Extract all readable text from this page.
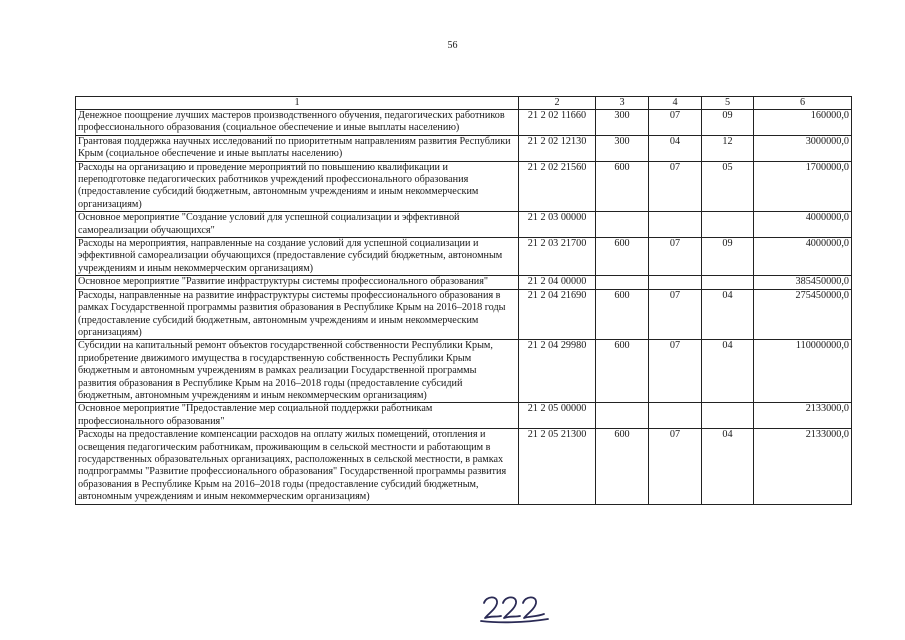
56
1	2	3	4	5	6
Денежное поощрение лучших мастеров производственного обучения, педагогических работников профессионального образования (социальное обеспечение и иные выплаты населению)	21 2 02 11660	300	07	09	160000,0
Грантовая поддержка научных исследований по приоритетным направлениям развития Республики Крым (социальное обеспечение и иные выплаты населению)	21 2 02 12130	300	04	12	3000000,0
Расходы на организацию и проведение мероприятий по повышению квалификации и переподготовке педагогических работников учреждений профессионального образования (предоставление субсидий бюджетным, автономным учреждениям и иным некоммерческим организациям)	21 2 02 21560	600	07	05	1700000,0
Основное мероприятие "Создание условий для успешной социализации и эффективной самореализации обучающихся"	21 2 03 00000				4000000,0
Расходы на мероприятия, направленные на создание условий для успешной социализации и эффективной самореализации обучающихся (предоставление субсидий бюджетным, автономным учреждениям и иным некоммерческим организациям)	21 2 03 21700	600	07	09	4000000,0
Основное мероприятие "Развитие инфраструктуры системы профессионального образования"	21 2 04 00000				385450000,0
Расходы, направленные на развитие инфраструктуры системы профессионального образования в рамках Государственной программы развития образования в Республике Крым на 2016–2018 годы (предоставление субсидий бюджетным, автономным учреждениям и иным некоммерческим организациям)	21 2 04 21690	600	07	04	275450000,0
Субсидии на капитальный ремонт объектов государственной собственности Республики Крым, приобретение движимого имущества в государственную собственность Республики Крым бюджетным и автономным учреждениям в рамках реализации Государственной программы развития образования в Республике Крым на 2016–2018 годы (предоставление субсидий бюджетным, автономным учреждениям и иным некоммерческим организациям)	21 2 04 29980	600	07	04	110000000,0
Основное мероприятие "Предоставление мер социальной поддержки работникам профессионального образования"	21 2 05 00000				2133000,0
Расходы на предоставление компенсации расходов на оплату жилых помещений, отопления и освещения педагогическим работникам, проживающим в сельской местности и работающим в государственных образовательных организациях, расположенных в сельской местности, в рамках подпрограммы "Развитие профессионального образования" Государственной программы развития образования в Республике Крым на 2016–2018 годы (предоставление субсидий бюджетным, автономным учреждениям и иным некоммерческим организациям)	21 2 05 21300	600	07	04	2133000,0
